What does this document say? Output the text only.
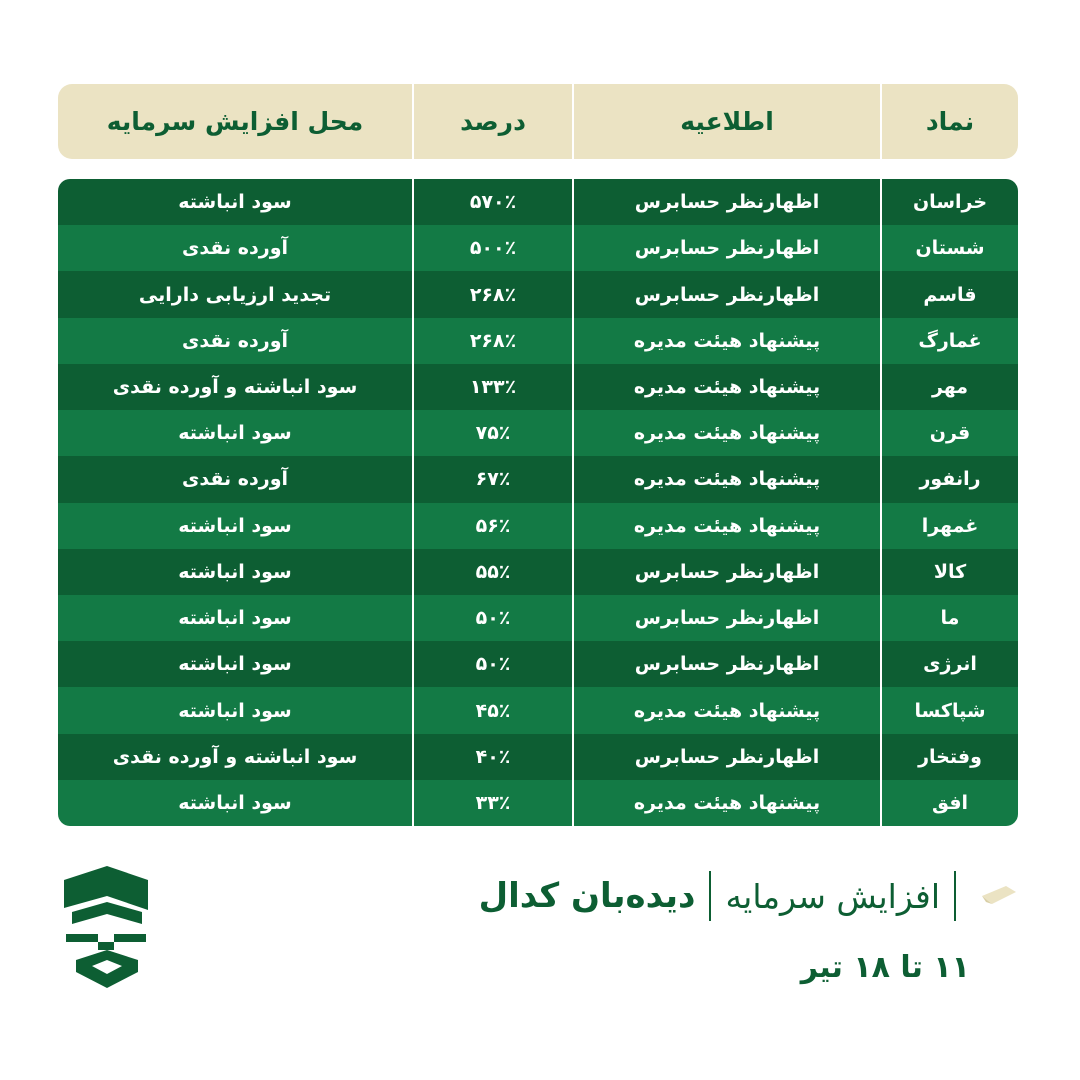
نماد
اطلاعیه
درصد
محل افزایش سرمایه
خراسان
اظهارنظر حسابرس
۵۷۰٪
سود انباشته
شستان
اظهارنظر حسابرس
۵۰۰٪
آورده نقدی
قاسم
اظهارنظر حسابرس
۲۶۸٪
تجدید ارزیابی دارایی
غمارگ
پیشنهاد هیئت مدیره
۲۶۸٪
آورده نقدی
مهر
پیشنهاد هیئت مدیره
۱۳۳٪
سود انباشته و آورده نقدی
قرن
پیشنهاد هیئت مدیره
۷۵٪
سود انباشته
رانفور
پیشنهاد هیئت مدیره
۶۷٪
آورده نقدی
غمهرا
پیشنهاد هیئت مدیره
۵۶٪
سود انباشته
کالا
اظهارنظر حسابرس
۵۵٪
سود انباشته
ما
اظهارنظر حسابرس
۵۰٪
سود انباشته
انرژی
اظهارنظر حسابرس
۵۰٪
سود انباشته
شپاکسا
پیشنهاد هیئت مدیره
۴۵٪
سود انباشته
وفتخار
اظهارنظر حسابرس
۴۰٪
سود انباشته و آورده نقدی
افق
پیشنهاد هیئت مدیره
۳۳٪
سود انباشته
دیده‌بان کدال افزایش سرمایه
۱۱ تا ۱۸ تیر
